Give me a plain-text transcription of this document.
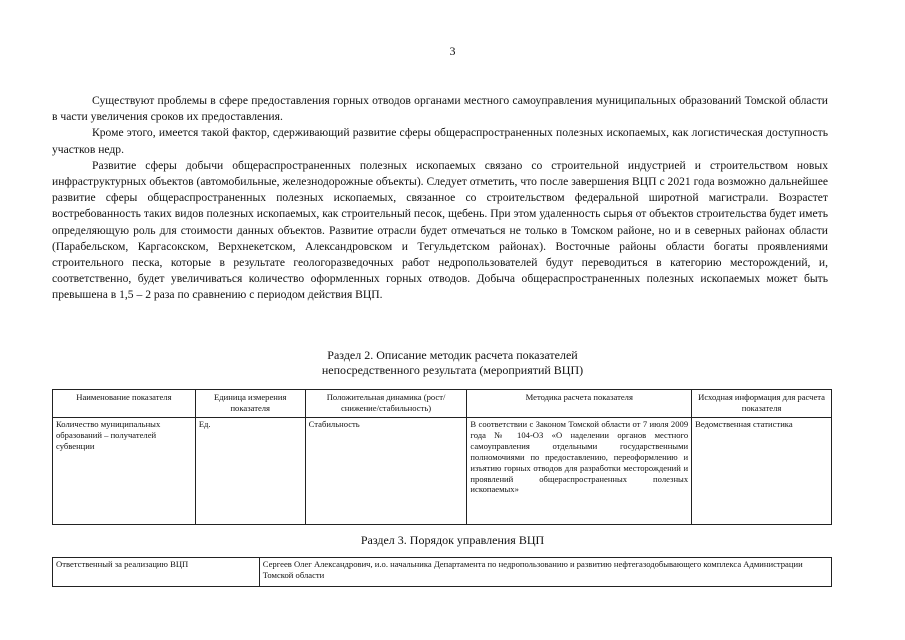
3

Существуют проблемы в сфере предоставления горных отводов органами местного самоуправления муниципальных образований Томской области в части увеличения сроков их предоставления.

Кроме этого, имеется такой фактор, сдерживающий развитие сферы общераспространенных полезных ископаемых, как логистическая доступность участков недр.

Развитие сферы добычи общераспространенных полезных ископаемых связано со строительной индустрией и строительством новых инфраструктурных объектов (автомобильные, железнодорожные объекты). Следует отметить, что после завершения ВЦП с 2021 года возможно дальнейшее развитие сферы общераспространенных полезных ископаемых, связанное со строительством федеральной широтной магистрали. Возрастет востребованность таких видов полезных ископаемых, как строительный песок, щебень. При этом удаленность сырья от объектов строительства будет иметь определяющую роль для стоимости данных объектов. Развитие отрасли будет отмечаться не только в Томском районе, но и в северных районах области (Парабельском, Каргасокском, Верхнекетском, Александровском и Тегульдетском районах). Восточные районы области богаты проявлениями строительного песка, которые в результате геологоразведочных работ недропользователей будут переводиться в категорию месторождений, и, соответственно, будет увеличиваться количество оформленных горных отводов. Добыча общераспространенных полезных ископаемых может быть превышена в 1,5 – 2 раза по сравнению с периодом действия ВЦП.

Раздел 2. Описание методик расчета показателей
непосредственного результата (мероприятий ВЦП)
Наименование показателя	Единица измерения показателя	Положительная динамика (рост/снижение/стабильность)	Методика расчета показателя	Исходная информация для расчета показателя
Количество муниципальных образований – получателей субвенции	Ед.	Стабильность	В соответствии с Законом Томской области от 7 июля 2009 года № 104-ОЗ «О наделении органов местного самоуправления отдельными государственными полномочиями по предоставлению, переоформлению и изъятию горных отводов для разработки месторождений и проявлений общераспространенных полезных ископаемых»	Ведомственная статистика
Раздел 3. Порядок управления ВЦП
Ответственный за реализацию ВЦП	Сергеев Олег Александрович, и.о. начальника Департамента по недропользованию и развитию нефтегазодобывающего комплекса Администрации Томской области
